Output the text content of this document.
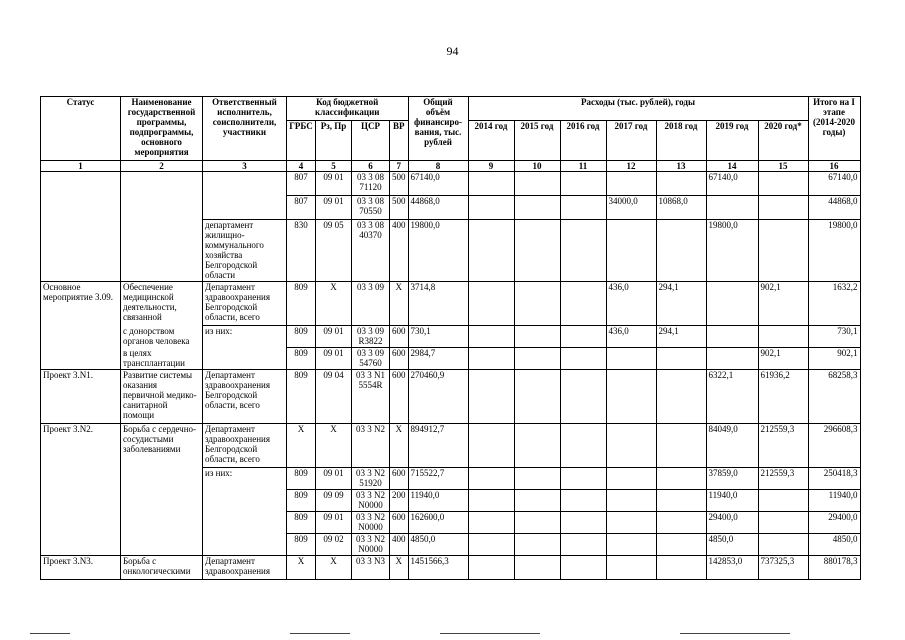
94
Статус	Наименование государственной программы, подпрограммы, основного мероприятия	Ответственный исполнитель, соисполнители, участники	Код бюджетной классификации				Общий объём финансиро-вания, тыс. рублей	Расходы (тыс. рублей), годы							Итого на I этапе (2014-2020 годы)
			ГРБС	Рз, Пр	ЦСР	ВР		2014 год	2015 год	2016 год	2017 год	2018 год	2019 год	2020 год*	
1	2	3	4	5	6	7	8	9	10	11	12	13	14	15	16
			807	09 01	03 3 08 71120	500	67140,0						67140,0		67140,0
			807	09 01	03 3 08 70550	500	44868,0				34000,0	10868,0			44868,0
		департамент жилищно-коммунального хозяйства Белгородской области	830	09 05	03 3 08 40370	400	19800,0						19800,0		19800,0
Основное мероприятие 3.09.	Обеспечение медицинской деятельности, связанной	Департамент здравоохранения Белгородской области, всего	809	Х	03 3 09	Х	3714,8				436,0	294,1		902,1	1632,2
	с донорством органов человека	из них:	809	09 01	03 3 09 R3822	600	730,1				436,0	294,1			730,1
	в целях трансплантации		809	09 01	03 3 09 54760	600	2984,7							902,1	902,1
Проект 3.N1.	Развитие системы оказания первичной медико-санитарной помощи	Департамент здравоохранения Белгородской области, всего	809	09 04	03 3 N1 5554R	600	270460,9						6322,1	61936,2	68258,3
Проект 3.N2.	Борьба с сердечно-сосудистыми заболеваниями	Департамент здравоохранения Белгородской области, всего	Х	Х	03 3 N2	Х	894912,7						84049,0	212559,3	296608,3
		из них:	809	09 01	03 3 N2 51920	600	715522,7						37859,0	212559,3	250418,3
			809	09 09	03 3 N2 N0000	200	11940,0						11940,0		11940,0
			809	09 01	03 3 N2 N0000	600	162600,0						29400,0		29400,0
			809	09 02	03 3 N2 N0000	400	4850,0						4850,0		4850,0
Проект 3.N3.	Борьба с онкологическими	Департамент здравоохранения	Х	Х	03 3 N3	Х	1451566,3						142853,0	737325,3	880178,3
